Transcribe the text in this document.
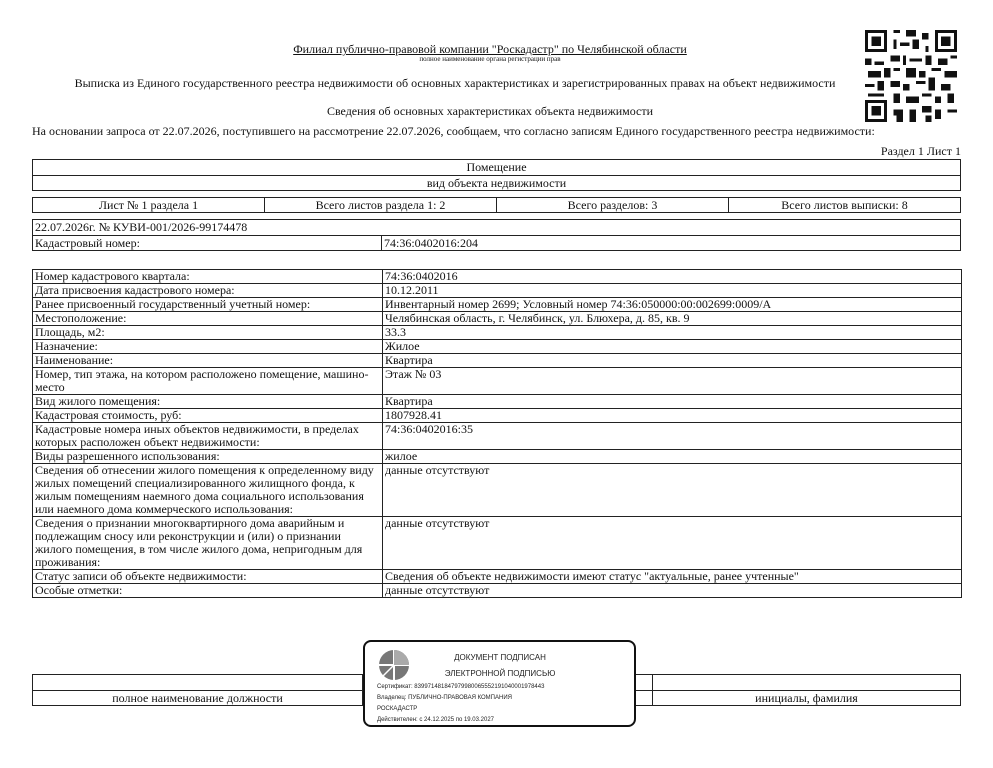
Филиал публично-правовой компании "Роскадастр" по Челябинской области
полное наименование органа регистрации прав
Выписка из Единого государственного реестра недвижимости об основных характеристиках и зарегистрированных правах на объект недвижимости
Сведения об основных характеристиках объекта недвижимости
На основании запроса от 22.07.2026, поступившего на рассмотрение 22.07.2026, сообщаем, что согласно записям Единого государственного реестра недвижимости:
Раздел 1 Лист 1
Помещение
вид объекта недвижимости
Лист № 1 раздела 1	Всего листов раздела 1: 2	Всего разделов: 3	Всего листов выписки: 8
22.07.2026г. № КУВИ-001/2026-99174478
Кадастровый номер:	74:36:0402016:204
Номер кадастрового квартала:	74:36:0402016
Дата присвоения кадастрового номера:	10.12.2011
Ранее присвоенный государственный учетный номер:	Инвентарный номер 2699; Условный номер 74:36:050000:00:002699:0009/А
Местоположение:	Челябинская область, г. Челябинск, ул. Блюхера, д. 85, кв. 9
Площадь, м2:	33.3
Назначение:	Жилое
Наименование:	Квартира
Номер, тип этажа, на котором расположено помещение, машино-место	Этаж № 03
Вид жилого помещения:	Квартира
Кадастровая стоимость, руб:	1807928.41
Кадастровые номера иных объектов недвижимости, в пределах которых расположен объект недвижимости:	74:36:0402016:35
Виды разрешенного использования:	жилое
Сведения об отнесении жилого помещения к определенному виду жилых помещений специализированного жилищного фонда, к жилым помещениям наемного дома социального использования или наемного дома коммерческого использования:	данные отсутствуют
Сведения о признании многоквартирного дома аварийным и подлежащим сносу или реконструкции и (или) о признании жилого помещения, в том числе жилого дома, непригодным для проживания:	данные отсутствуют
Статус записи об объекте недвижимости:	Сведения об объекте недвижимости имеют статус "актуальные, ранее учтенные"
Особые отметки:	данные отсутствуют
полное наименование должности	инициалы, фамилия
ДОКУМЕНТ ПОДПИСАН
ЭЛЕКТРОННОЙ ПОДПИСЬЮ
Сертификат: 839971481847979980065552191040001978443
Владелец: ПУБЛИЧНО-ПРАВОВАЯ КОМПАНИЯ
РОСКАДАСТР
Действителен: с 24.12.2025 по 19.03.2027
